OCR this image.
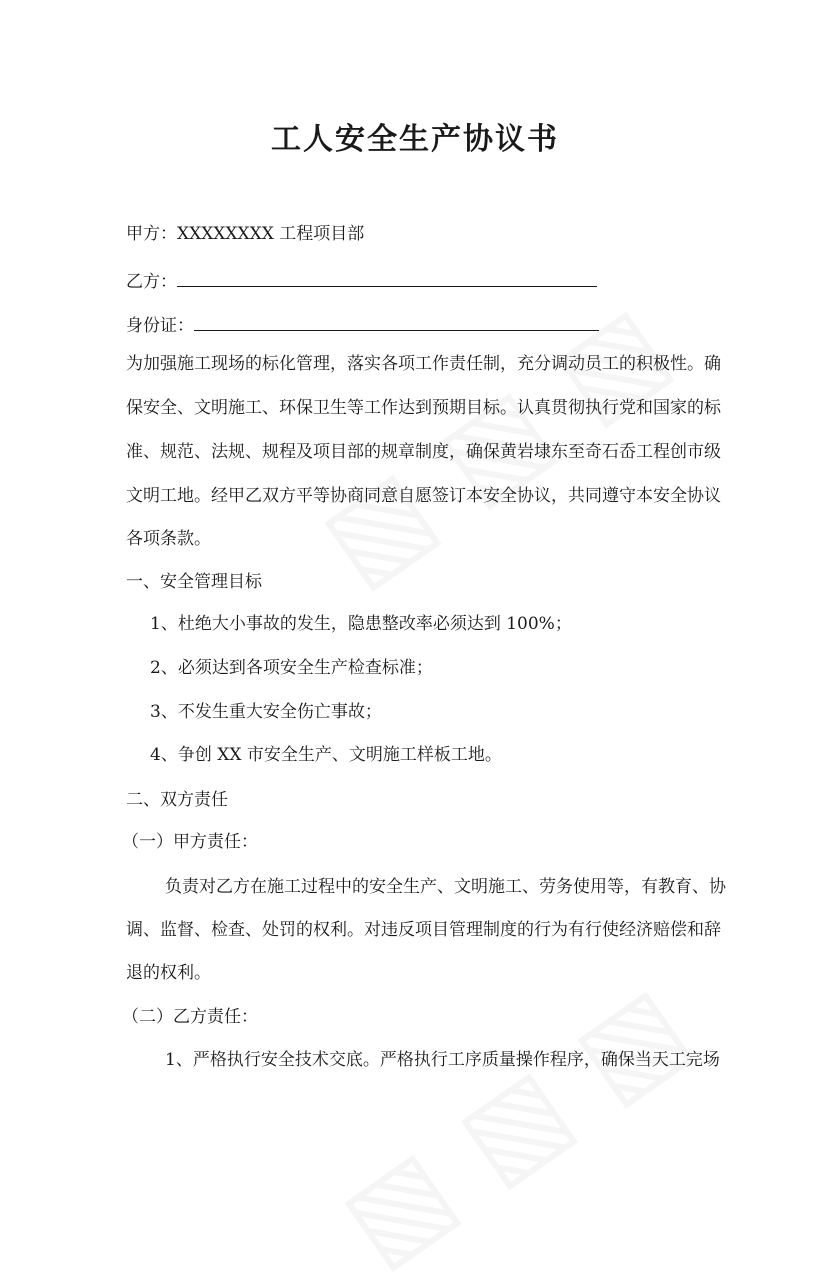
工人安全生产协议书
甲方：XXXXXXXX 工程项目部
乙方：
身份证：
为加强施工现场的标化管理，落实各项工作责任制，充分调动员工的积极性。确
保安全、文明施工、环保卫生等工作达到预期目标。认真贯彻执行党和国家的标
准、规范、法规、规程及项目部的规章制度，确保黄岩埭东至奇石岙工程创市级
文明工地。经甲乙双方平等协商同意自愿签订本安全协议，共同遵守本安全协议
各项条款。
一、安全管理目标
1、杜绝大小事故的发生，隐患整改率必须达到 100%；
2、必须达到各项安全生产检查标准；
3、不发生重大安全伤亡事故；
4、争创 XX 市安全生产、文明施工样板工地。
二、双方责任
（一）甲方责任：
负责对乙方在施工过程中的安全生产、文明施工、劳务使用等，有教育、协
调、监督、检查、处罚的权利。对违反项目管理制度的行为有行使经济赔偿和辞
退的权利。
（二）乙方责任：
1、严格执行安全技术交底。严格执行工序质量操作程序，确保当天工完场
